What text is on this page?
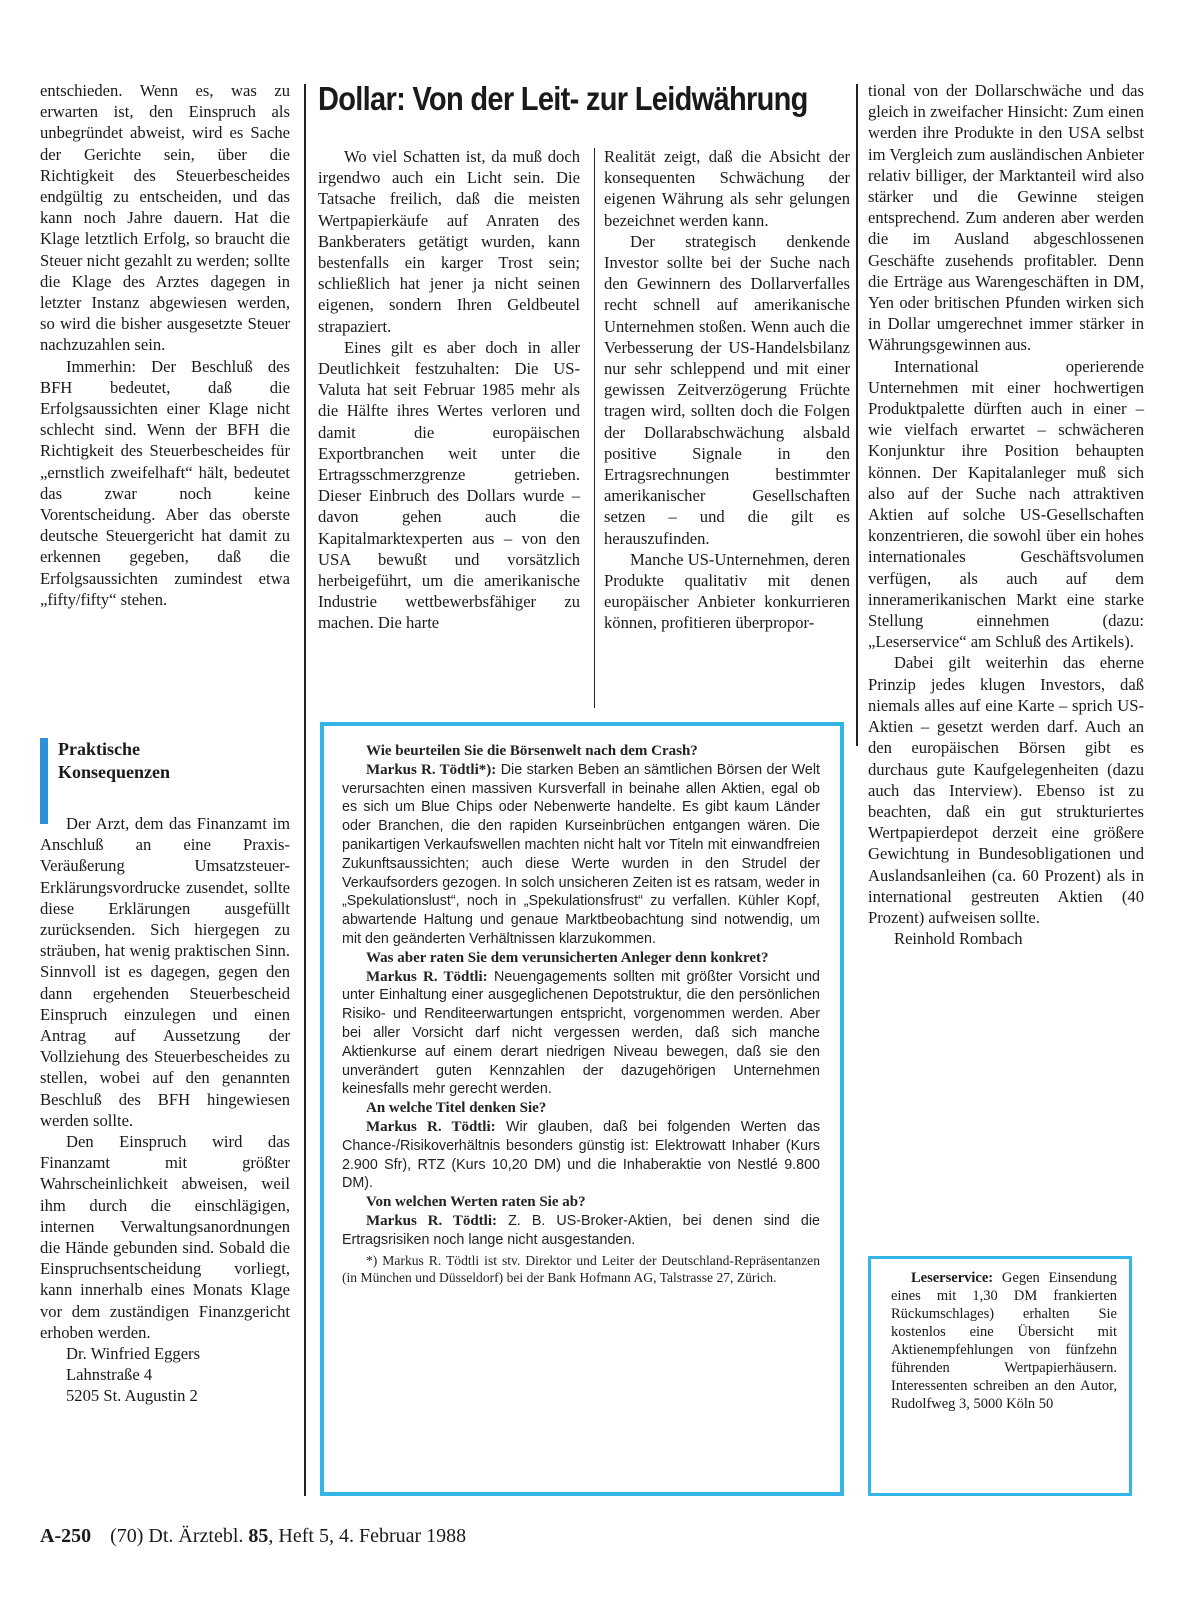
entschieden. Wenn es, was zu erwarten ist, den Einspruch als unbegründet abweist, wird es Sache der Gerichte sein, über die Richtigkeit des Steuerbescheides endgültig zu entscheiden, und das kann noch Jahre dauern. Hat die Klage letztlich Erfolg, so braucht die Steuer nicht gezahlt zu werden; sollte die Klage des Arztes dagegen in letzter Instanz abgewiesen werden, so wird die bisher ausgesetzte Steuer nachzuzahlen sein.

Immerhin: Der Beschluß des BFH bedeutet, daß die Erfolgsaussichten einer Klage nicht schlecht sind. Wenn der BFH die Richtigkeit des Steuerbescheides für „ernstlich zweifelhaft“ hält, bedeutet das zwar noch keine Vorentscheidung. Aber das oberste deutsche Steuergericht hat damit zu erkennen gegeben, daß die Erfolgsaussichten zumindest etwa „fifty/fifty“ stehen.

Praktische Konsequenzen

Der Arzt, dem das Finanzamt im Anschluß an eine Praxis-Veräußerung Umsatzsteuer-Erklärungsvordrucke zusendet, sollte diese Erklärungen ausgefüllt zurücksenden. Sich hiergegen zu sträuben, hat wenig praktischen Sinn. Sinnvoll ist es dagegen, gegen den dann ergehenden Steuerbescheid Einspruch einzulegen und einen Antrag auf Aussetzung der Vollziehung des Steuerbescheides zu stellen, wobei auf den genannten Beschluß des BFH hingewiesen werden sollte.

Den Einspruch wird das Finanzamt mit größter Wahrscheinlichkeit abweisen, weil ihm durch die einschlägigen, internen Verwaltungsanordnungen die Hände gebunden sind. Sobald die Einspruchsentscheidung vorliegt, kann innerhalb eines Monats Klage vor dem zuständigen Finanzgericht erhoben werden.

Dr. Winfried Eggers

Lahnstraße 4

5205 St. Augustin 2

Dollar: Von der Leit- zur Leidwährung

Wo viel Schatten ist, da muß doch irgendwo auch ein Licht sein. Die Tatsache freilich, daß die meisten Wertpapierkäufe auf Anraten des Bankberaters getätigt wurden, kann bestenfalls ein karger Trost sein; schließlich hat jener ja nicht seinen eigenen, sondern Ihren Geldbeutel strapaziert.

Eines gilt es aber doch in aller Deutlichkeit festzuhalten: Die US-Valuta hat seit Februar 1985 mehr als die Hälfte ihres Wertes verloren und damit die europäischen Exportbranchen weit unter die Ertragsschmerzgrenze getrieben. Dieser Einbruch des Dollars wurde – davon gehen auch die Kapitalmarktexperten aus – von den USA bewußt und vorsätzlich herbeigeführt, um die amerikanische Industrie wettbewerbsfähiger zu machen. Die harte

Realität zeigt, daß die Absicht der konsequenten Schwächung der eigenen Währung als sehr gelungen bezeichnet werden kann.

Der strategisch denkende Investor sollte bei der Suche nach den Gewinnern des Dollarverfalles recht schnell auf amerikanische Unternehmen stoßen. Wenn auch die Verbesserung der US-Handelsbilanz nur sehr schleppend und mit einer gewissen Zeitverzögerung Früchte tragen wird, sollten doch die Folgen der Dollarabschwächung alsbald positive Signale in den Ertragsrechnungen bestimmter amerikanischer Gesellschaften setzen – und die gilt es herauszufinden.

Manche US-Unternehmen, deren Produkte qualitativ mit denen europäischer Anbieter konkurrieren können, profitieren überpropor-

tional von der Dollarschwäche und das gleich in zweifacher Hinsicht: Zum einen werden ihre Produkte in den USA selbst im Vergleich zum ausländischen Anbieter relativ billiger, der Marktanteil wird also stärker und die Gewinne steigen entsprechend. Zum anderen aber werden die im Ausland abgeschlossenen Geschäfte zusehends profitabler. Denn die Erträge aus Warengeschäften in DM, Yen oder britischen Pfunden wirken sich in Dollar umgerechnet immer stärker in Währungsgewinnen aus.

International operierende Unternehmen mit einer hochwertigen Produktpalette dürften auch in einer – wie vielfach erwartet – schwächeren Konjunktur ihre Position behaupten können. Der Kapitalanleger muß sich also auf der Suche nach attraktiven Aktien auf solche US-Gesellschaften konzentrieren, die sowohl über ein hohes internationales Geschäftsvolumen verfügen, als auch auf dem inneramerikanischen Markt eine starke Stellung einnehmen (dazu: „Leserservice“ am Schluß des Artikels).

Dabei gilt weiterhin das eherne Prinzip jedes klugen Investors, daß niemals alles auf eine Karte – sprich US-Aktien – gesetzt werden darf. Auch an den europäischen Börsen gibt es durchaus gute Kaufgelegenheiten (dazu auch das Interview). Ebenso ist zu beachten, daß ein gut strukturiertes Wertpapierdepot derzeit eine größere Gewichtung in Bundesobligationen und Auslandsanleihen (ca. 60 Prozent) als in international gestreuten Aktien (40 Prozent) aufweisen sollte.

Reinhold Rombach

Wie beurteilen Sie die Börsenwelt nach dem Crash?

Markus R. Tödtli*): Die starken Beben an sämtlichen Börsen der Welt verursachten einen massiven Kursverfall in beinahe allen Aktien, egal ob es sich um Blue Chips oder Nebenwerte handelte. Es gibt kaum Länder oder Branchen, die den rapiden Kurseinbrüchen entgangen wären. Die panikartigen Verkaufswellen machten nicht halt vor Titeln mit einwandfreien Zukunftsaussichten; auch diese Werte wurden in den Strudel der Verkaufsorders gezogen. In solch unsicheren Zeiten ist es ratsam, weder in „Spekulationslust“, noch in „Spekulationsfrust“ zu verfallen. Kühler Kopf, abwartende Haltung und genaue Marktbeobachtung sind notwendig, um mit den geänderten Verhältnissen klarzukommen.

Was aber raten Sie dem verunsicherten Anleger denn konkret?

Markus R. Tödtli: Neuengagements sollten mit größter Vorsicht und unter Einhaltung einer ausgeglichenen Depotstruktur, die den persönlichen Risiko- und Renditeerwartungen entspricht, vorgenommen werden. Aber bei aller Vorsicht darf nicht vergessen werden, daß sich manche Aktienkurse auf einem derart niedrigen Niveau bewegen, daß sie den unverändert guten Kennzahlen der dazugehörigen Unternehmen keinesfalls mehr gerecht werden.

An welche Titel denken Sie?

Markus R. Tödtli: Wir glauben, daß bei folgenden Werten das Chance-/Risikoverhältnis besonders günstig ist: Elektrowatt Inhaber (Kurs 2.900 Sfr), RTZ (Kurs 10,20 DM) und die Inhaberaktie von Nestlé 9.800 DM).

Von welchen Werten raten Sie ab?

Markus R. Tödtli: Z. B. US-Broker-Aktien, bei denen sind die Ertragsrisiken noch lange nicht ausgestanden.

*) Markus R. Tödtli ist stv. Direktor und Leiter der Deutschland-Repräsentanzen (in München und Düsseldorf) bei der Bank Hofmann AG, Talstrasse 27, Zürich.	Leserservice: Gegen Einsendung eines mit 1,30 DM frankierten Rückumschlages) erhalten Sie kostenlos eine Übersicht mit Aktienempfehlungen von fünfzehn führenden Wertpapierhäusern. Interessenten schreiben an den Autor, Rudolfweg 3, 5000 Köln 50

A-250 (70) Dt. Ärztebl. 85, Heft 5, 4. Februar 1988
